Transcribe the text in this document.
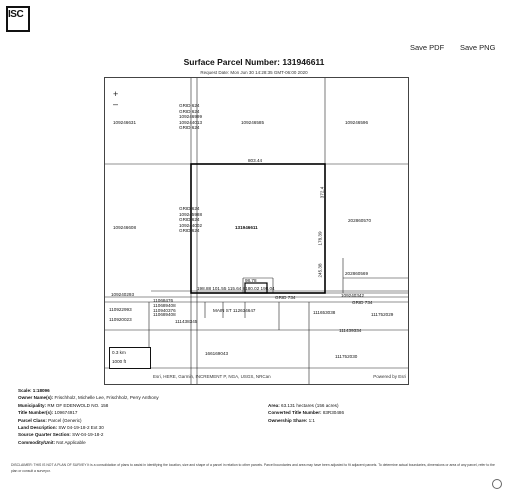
ISC
Save PDF Save PNG
Surface Parcel Number: 131946611
Request Date: Mon Jun 30 14:28:35 GMT-06:00 2020
+
–
109246631	109246585	109246596
GRID 624
GRID 624
109246999
109244013
GRID 624
803.44
372.4
178.39
245.38
109246608
GRID 624
109245988
GRID 624
109244002
GRID 624
131946611
202860570
202860569
98.78
198.88 101.55 115.64 8180.02 198.04
GRID 734
GRID 734
109240293
110922993
110920023
11068476
110689408
110940376
110689408
109240342
111752029
111653038
111439334
111438345
MAIN ST 112634647
166169043
111752030
0.3 km
1000 ft
Esri, HERE, Garmin, INCREMENT P, NGA, USGS, NRCan	Powered by Esri
Scale: 1:18096
Owner Name(s): Frischholz, Michelle Lee, Frischholz, Perry Anthony
Municipality: RM OF EDENWOLD NO. 158
Title Number(s): 109674917
Parcel Class: Parcel (Generic)
Land Description: SW 04-19-18-2 Ext 30
Source Quarter Section: SW-04-19-18-2
Commodity/Unit: Not Applicable
Area: 63.131 hectares (156 acres)
Converted Title Number: 83R30486
Ownership Share: 1:1
DISCLAIMER: THIS IS NOT A PLAN OF SURVEY It is a consolidation of plans to assist in identifying the location, size and shape of a parcel in relation to other parcels. Parcel boundaries and area may have been adjusted to fit adjacent parcels. To determine actual boundaries, dimensions or area of any parcel, refer to the plan or consult a surveyor.
